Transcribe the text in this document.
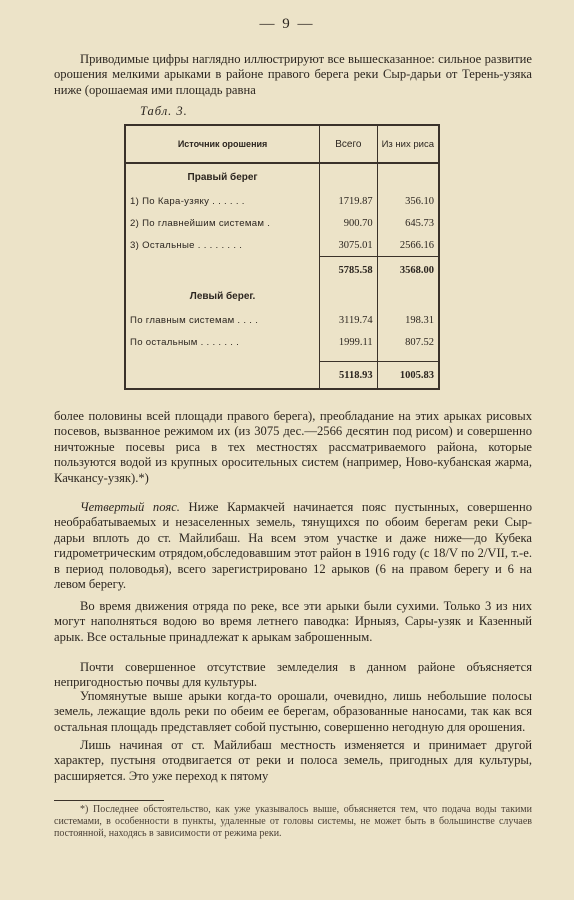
— 9 —

Приводимые цифры наглядно иллюстрируют все вышесказанное: сильное развитие орошения мелкими арыками в районе правого берега реки Сыр-дарьи от Терень-узяка ниже (орошаемая ими площадь равна

Табл. 3.
Источник орошения	Всего	Из них риса
Правый берег		
1) По Кара-узяку . . . . . .	1719.87	356.10
2) По главнейшим системам .	900.70	645.73
3) Остальные . . . . . . . .	3075.01	2566.16
	5785.58	3568.00
Левый берег.		
По главным системам . . . .	3119.74	198.31
По остальным . . . . . . .	1999.11	807.52

	5118.93	1005.83

более половины всей площади правого берега), преобладание на этих арыках рисовых посевов, вызванное режимом их (из 3075 дес.—2566 десятин под рисом) и совершенно ничтожные посевы риса в тех местностях рассматриваемого района, которые пользуются водой из крупных оросительных систем (например, Ново-кубанская жарма, Качкансу-узяк).*)

Четвертый пояс. Ниже Кармакчей начинается пояс пустынных, совершенно необрабатываемых и незаселенных земель, тянущихся по обоим берегам реки Сыр-дарьи вплоть до ст. Майлибаш. На всем этом участке и даже ниже—до Кубека гидрометрическим отрядом,обследовавшим этот район в 1916 году (с 18/V по 2/VII, т.-е. в период половодья), всего зарегистрировано 12 арыков (6 на правом берегу и 6 на левом берегу.

Во время движения отряда по реке, все эти арыки были сухими. Только 3 из них могут наполняться водою во время летнего паводка: Ирныяз, Сары-узяк и Казенный арык. Все остальные принадлежат к арыкам заброшенным.

Почти совершенное отсутствие земледелия в данном районе объясняется непригодностью почвы для культуры.

Упомянутые выше арыки когда-то орошали, очевидно, лишь небольшие полосы земель, лежащие вдоль реки по обеим ее берегам, образованные наносами, так как вся остальная площадь представляет собой пустыню, совершенно негодную для орошения.

Лишь начиная от ст. Майлибаш местность изменяется и принимает другой характер, пустыня отодвигается от реки и полоса земель, пригодных для культуры, расширяется. Это уже переход к пятому

*) Последнее обстоятельство, как уже указывалось выше, объясняется тем, что подача воды такими системами, в особенности в пункты, удаленные от головы системы, не может быть в большинстве случаев постоянной, находясь в зависимости от режима реки.
